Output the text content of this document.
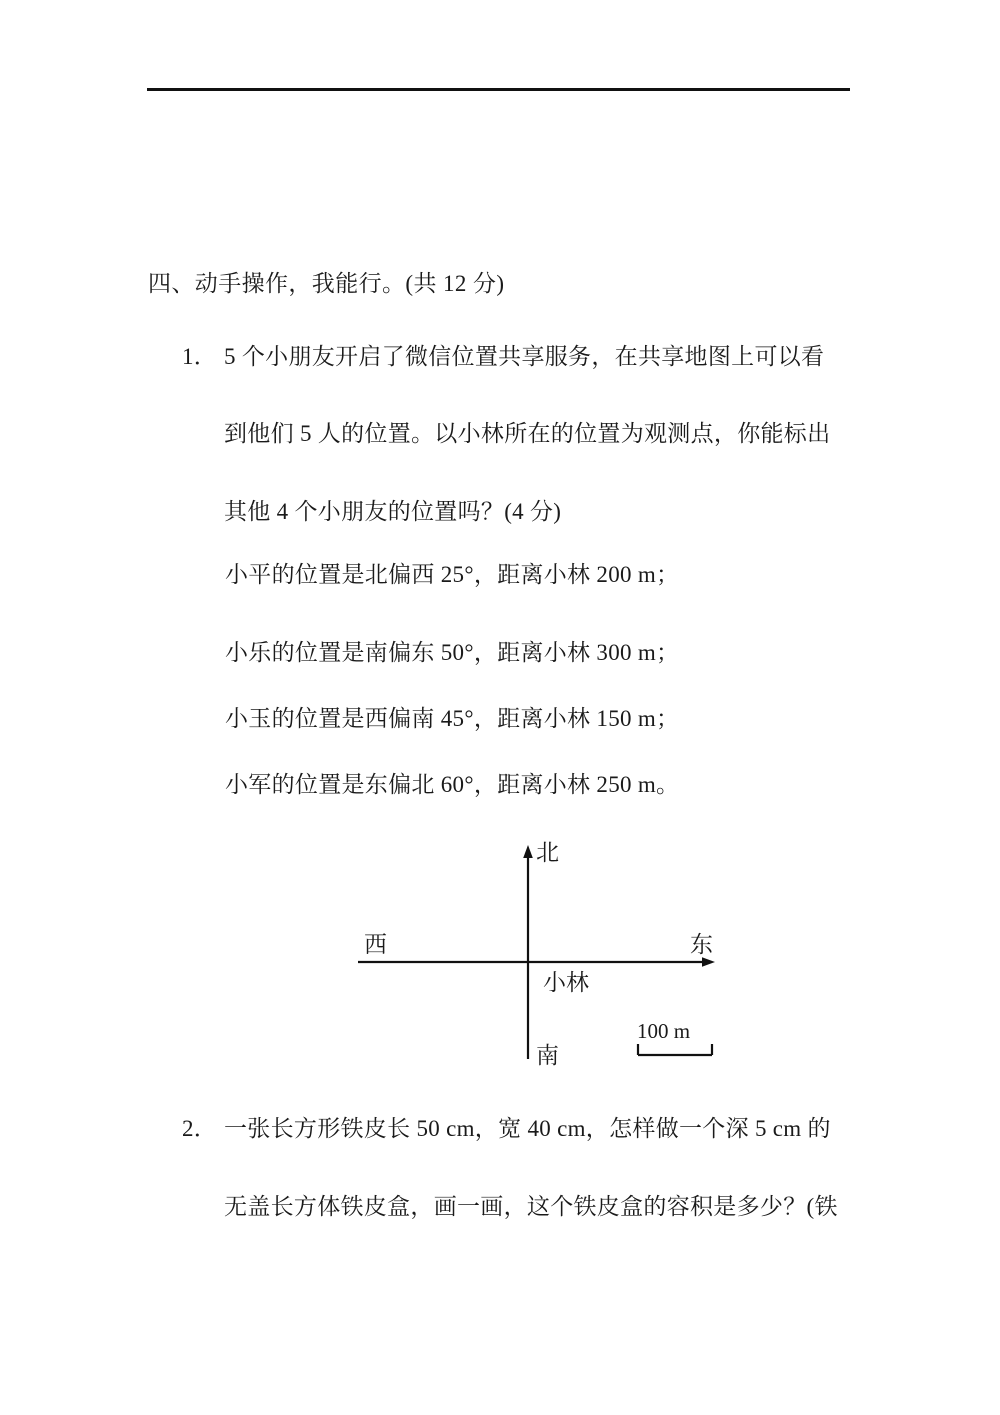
四、动手操作，我能行。(共 12 分)
1． 5 个小朋友开启了微信位置共享服务，在共享地图上可以看
到他们 5 人的位置。以小林所在的位置为观测点，你能标出
其他 4 个小朋友的位置吗？(4 分)
小平的位置是北偏西 25°，距离小林 200 m；
小乐的位置是南偏东 50°，距离小林 300 m；
小玉的位置是西偏南 45°，距离小林 150 m；
小军的位置是东偏北 60°，距离小林 250 m。
北
南
东
西
小林
100 m
2． 一张长方形铁皮长 50 cm，宽 40 cm，怎样做一个深 5 cm 的
无盖长方体铁皮盒，画一画，这个铁皮盒的容积是多少？(铁
